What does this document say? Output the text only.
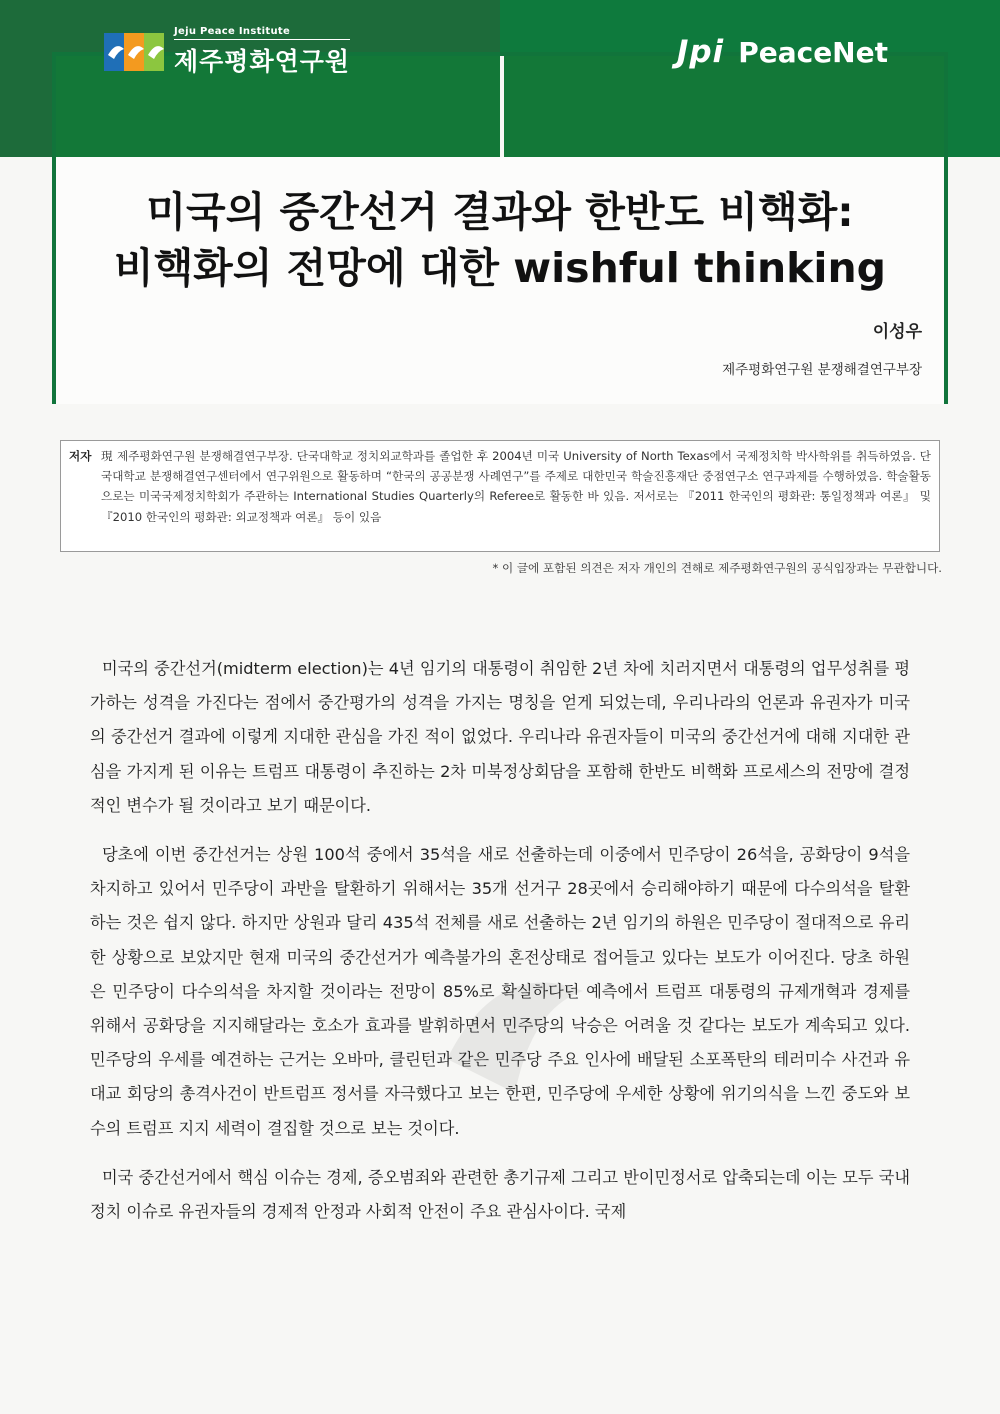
미국의 중간선거 결과와 한반도 비핵화:
비핵화의 전망에 대한 wishful thinking
이성우
제주평화연구원 분쟁해결연구부장
Jeju Peace Institute
제주평화연구원	Jpi PeaceNet
저자 現 제주평화연구원 분쟁해결연구부장. 단국대학교 정치외교학과를 졸업한 후 2004년 미국 University of North Texas에서 국제정치학 박사학위를 취득하였음. 단국대학교 분쟁해결연구센터에서 연구위원으로 활동하며 “한국의 공공분쟁 사례연구”를 주제로 대한민국 학술진흥재단 중점연구소 연구과제를 수행하였음. 학술활동으로는 미국국제정치학회가 주관하는 International Studies Quarterly의 Referee로 활동한 바 있음. 저서로는 『2011 한국인의 평화관: 통일정책과 여론』 및 『2010 한국인의 평화관: 외교정책과 여론』 등이 있음
* 이 글에 포함된 의견은 저자 개인의 견해로 제주평화연구원의 공식입장과는 무관합니다.

미국의 중간선거(midterm election)는 4년 임기의 대통령이 취임한 2년 차에 치러지면서 대통령의 업무성취를 평가하는 성격을 가진다는 점에서 중간평가의 성격을 가지는 명칭을 얻게 되었는데, 우리나라의 언론과 유권자가 미국의 중간선거 결과에 이렇게 지대한 관심을 가진 적이 없었다. 우리나라 유권자들이 미국의 중간선거에 대해 지대한 관심을 가지게 된 이유는 트럼프 대통령이 추진하는 2차 미북정상회담을 포함해 한반도 비핵화 프로세스의 전망에 결정적인 변수가 될 것이라고 보기 때문이다.

당초에 이번 중간선거는 상원 100석 중에서 35석을 새로 선출하는데 이중에서 민주당이 26석을, 공화당이 9석을 차지하고 있어서 민주당이 과반을 탈환하기 위해서는 35개 선거구 28곳에서 승리해야하기 때문에 다수의석을 탈환하는 것은 쉽지 않다. 하지만 상원과 달리 435석 전체를 새로 선출하는 2년 임기의 하원은 민주당이 절대적으로 유리한 상황으로 보았지만 현재 미국의 중간선거가 예측불가의 혼전상태로 접어들고 있다는 보도가 이어진다. 당초 하원은 민주당이 다수의석을 차지할 것이라는 전망이 85%로 확실하다던 예측에서 트럼프 대통령의 규제개혁과 경제를 위해서 공화당을 지지해달라는 호소가 효과를 발휘하면서 민주당의 낙승은 어려울 것 같다는 보도가 계속되고 있다. 민주당의 우세를 예견하는 근거는 오바마, 클린턴과 같은 민주당 주요 인사에 배달된 소포폭탄의 테러미수 사건과 유대교 회당의 총격사건이 반트럼프 정서를 자극했다고 보는 한편, 민주당에 우세한 상황에 위기의식을 느낀 중도와 보수의 트럼프 지지 세력이 결집할 것으로 보는 것이다.

미국 중간선거에서 핵심 이슈는 경제, 증오범죄와 관련한 총기규제 그리고 반이민정서로 압축되는데 이는 모두 국내정치 이슈로 유권자들의 경제적 안정과 사회적 안전이 주요 관심사이다. 국제
